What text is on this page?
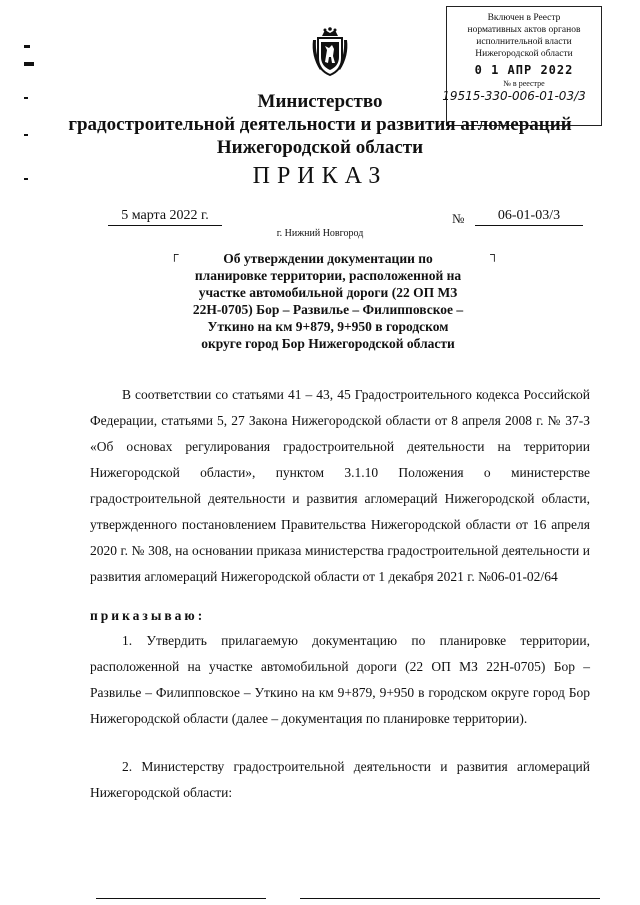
Включен в Реестр
нормативных актов органов
исполнительной власти
Нижегородской области
0 1 АПР 2022
№ в реестре
19515-330-006-01-03/3
Министерство
градостроительной деятельности и развития агломераций
Нижегородской области
ПРИКАЗ
5 марта 2022 г.	№	06-01-03/3
г. Нижний Новгород
┌	┐
Об утверждении документации по
планировке территории, расположенной на
участке автомобильной дороги (22 ОП МЗ
22Н-0705) Бор – Развилье – Филипповское –
Уткино на км 9+879, 9+950 в городском
округе город Бор Нижегородской области
В соответствии со статьями 41 – 43, 45 Градостроительного кодекса Российской Федерации, статьями 5, 27 Закона Нижегородской области от 8 апреля 2008 г. № 37-З «Об основах регулирования градостроительной деятельности на территории Нижегородской области», пунктом 3.1.10 Положения о министерстве градостроительной деятельности и развития агломераций Нижегородской области, утвержденного постановлением Правительства Нижегородской области от 16 апреля 2020 г. № 308, на основании приказа министерства градостроительной деятельности и развития агломераций Нижегородской области от 1 декабря 2021 г. №06-01-02/64
приказываю:
1. Утвердить прилагаемую документацию по планировке территории, расположенной на участке автомобильной дороги (22 ОП МЗ 22Н-0705) Бор – Развилье – Филипповское – Уткино на км 9+879, 9+950 в городском округе город Бор Нижегородской области (далее – документация по планировке территории).
2. Министерству градостроительной деятельности и развития агломераций Нижегородской области:
